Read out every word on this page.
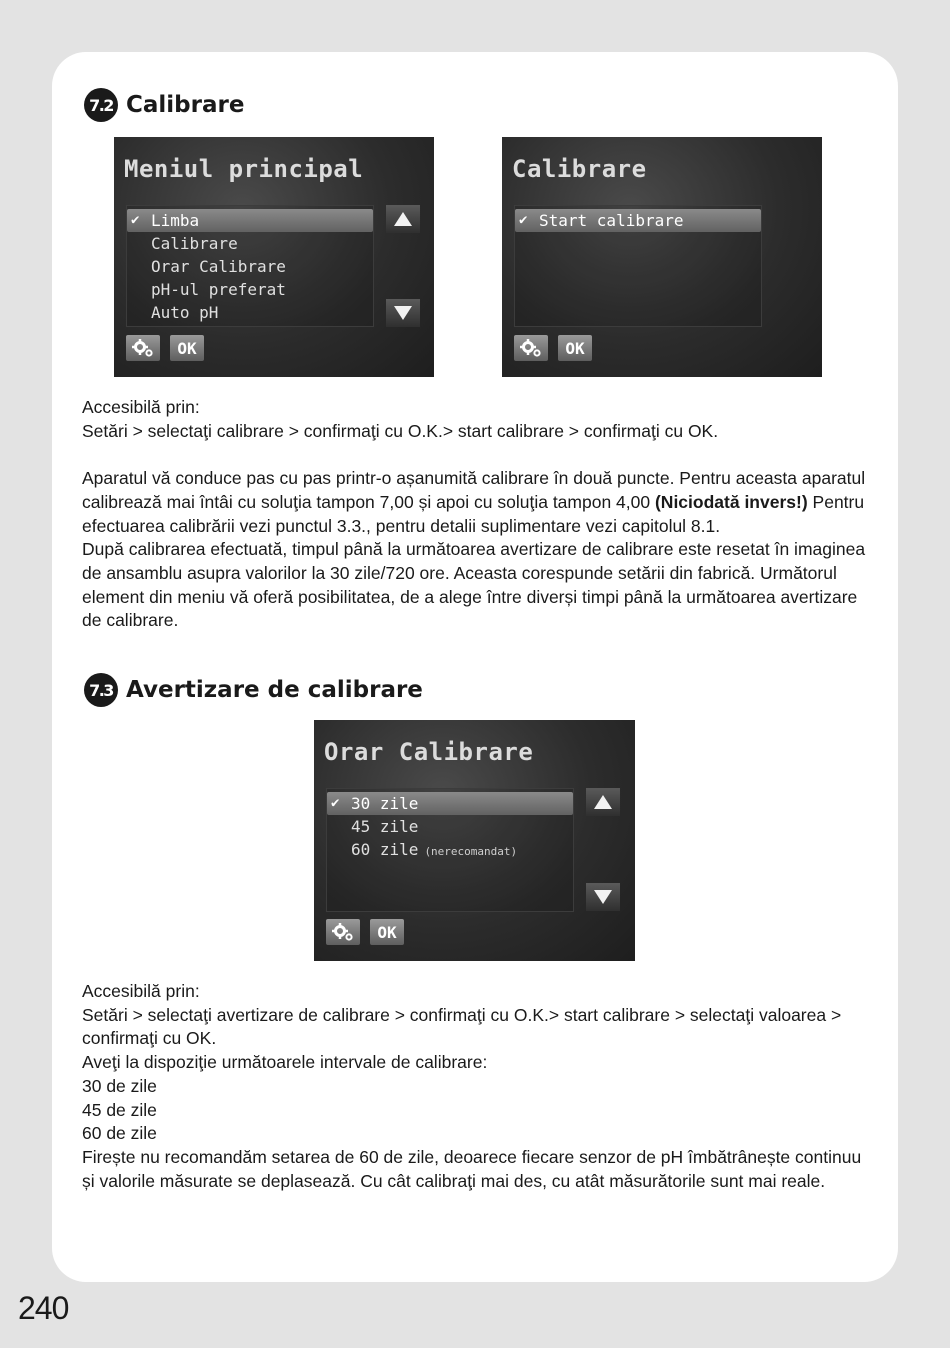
7.2 Calibrare
Meniul principal
✔ Limba
Calibrare
Orar Calibrare
pH-ul preferat
Auto pH
OK
Calibrare
✔ Start calibrare
OK

Accesibilă prin:

Setări > selectaţi calibrare > confirmaţi cu O.K.> start calibrare > confirmaţi cu OK.

Aparatul vă conduce pas cu pas printr-o așanumită calibrare în două puncte. Pentru aceasta aparatul calibrează mai întâi cu soluţia tampon 7,00 și apoi cu soluţia tampon 4,00 (Niciodată invers!) Pentru efectuarea calibrării vezi punctul 3.3., pentru detalii suplimentare vezi capitolul 8.1.

După calibrarea efectuată, timpul până la următoarea avertizare de calibrare este resetat în imaginea de ansamblu asupra valorilor la 30 zile/720 ore. Aceasta corespunde setării din fabrică. Următorul element din meniu vă oferă posibilitatea, de a alege între diverși timpi până la următoarea avertizare de calibrare.

7.3 Avertizare de calibrare
Orar Calibrare
✔ 30 zile
45 zile
60 zile (nerecomandat)
OK

Accesibilă prin:

Setări > selectaţi avertizare de calibrare > confirmaţi cu O.K.> start calibrare > selectaţi valoarea > confirmaţi cu OK.

Aveţi la dispoziţie următoarele intervale de calibrare:

30 de zile

45 de zile

60 de zile

Firește nu recomandăm setarea de 60 de zile, deoarece fiecare senzor de pH îmbătrânește continuu și valorile măsurate se deplasează. Cu cât calibraţi mai des, cu atât măsurătorile sunt mai reale.

240
